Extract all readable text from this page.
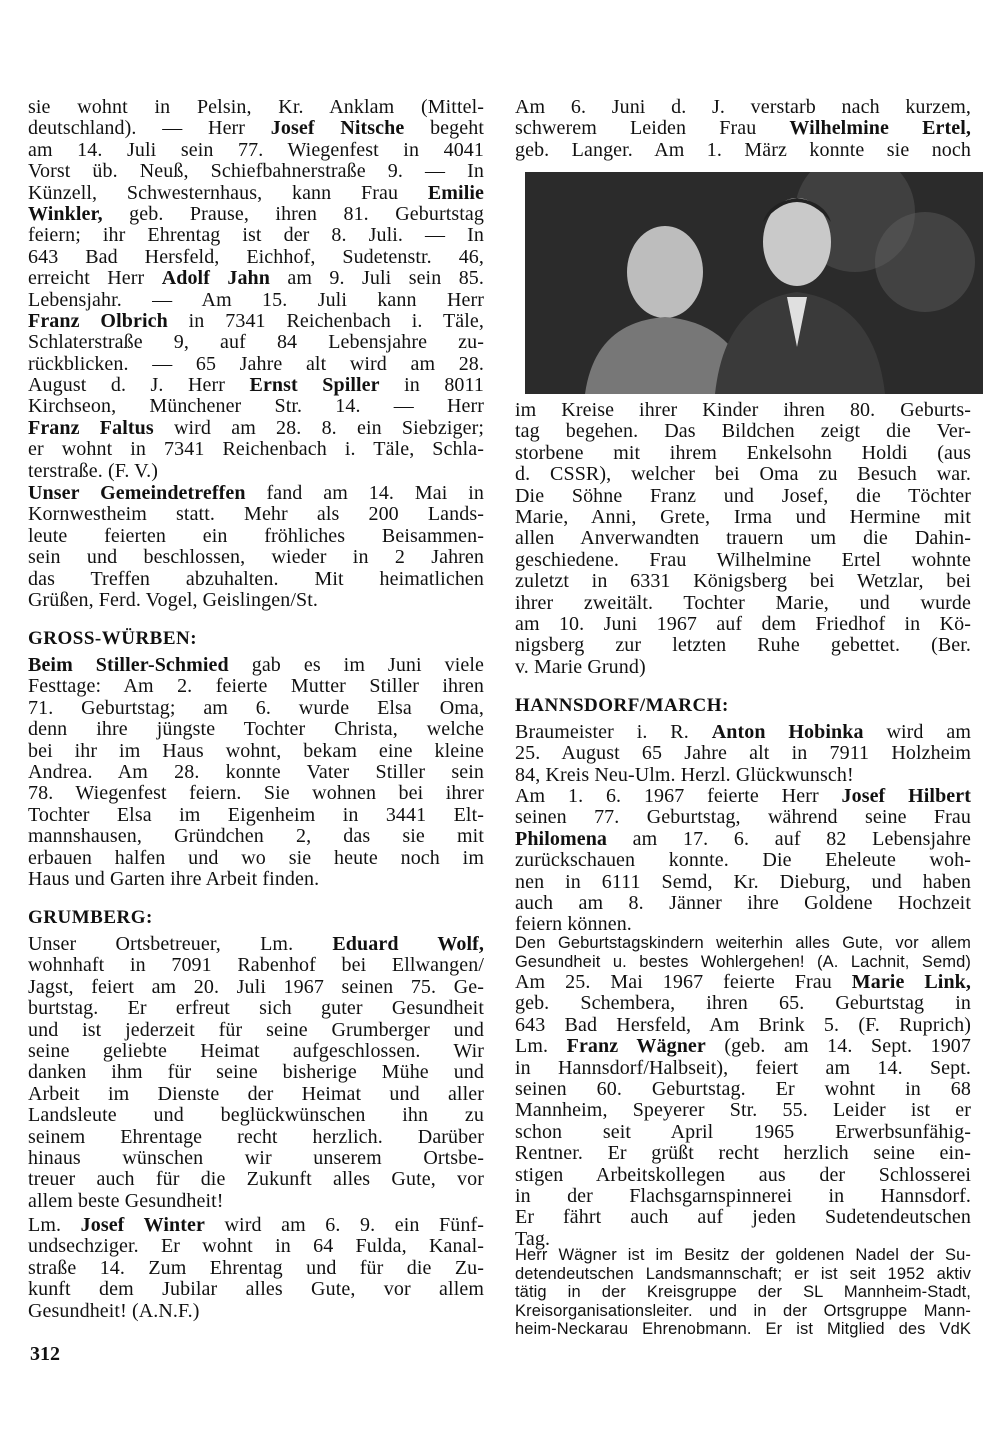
sie wohnt in Pelsin, Kr. Anklam (Mittel-
deutschland). — Herr Josef Nitsche begeht
am 14. Juli sein 77. Wiegenfest in 4041
Vorst üb. Neuß, Schiefbahnerstraße 9. — In
Künzell, Schwesternhaus, kann Frau Emilie
Winkler, geb. Prause, ihren 81. Geburtstag
feiern; ihr Ehrentag ist der 8. Juli. — In
643 Bad Hersfeld, Eichhof, Sudetenstr. 46,
erreicht Herr Adolf Jahn am 9. Juli sein 85.
Lebensjahr. — Am 15. Juli kann Herr
Franz Olbrich in 7341 Reichenbach i. Täle,
Schlaterstraße 9, auf 84 Lebensjahre zu-
rückblicken. — 65 Jahre alt wird am 28.
August d. J. Herr Ernst Spiller in 8011
Kirchseon, Münchener Str. 14. — Herr
Franz Faltus wird am 28. 8. ein Siebziger;
er wohnt in 7341 Reichenbach i. Täle, Schla-
terstraße. (F. V.)
Unser Gemeindetreffen fand am 14. Mai in
Kornwestheim statt. Mehr als 200 Lands-
leute feierten ein fröhliches Beisammen-
sein und beschlossen, wieder in 2 Jahren
das Treffen abzuhalten. Mit heimatlichen
Grüßen, Ferd. Vogel, Geislingen/St.
GROSS-WÜRBEN:
Beim Stiller-Schmied gab es im Juni viele
Festtage: Am 2. feierte Mutter Stiller ihren
71. Geburtstag; am 6. wurde Elsa Oma,
denn ihre jüngste Tochter Christa, welche
bei ihr im Haus wohnt, bekam eine kleine
Andrea. Am 28. konnte Vater Stiller sein
78. Wiegenfest feiern. Sie wohnen bei ihrer
Tochter Elsa im Eigenheim in 3441 Elt-
mannshausen, Gründchen 2, das sie mit
erbauen halfen und wo sie heute noch im
Haus und Garten ihre Arbeit finden.
GRUMBERG:
Unser Ortsbetreuer, Lm. Eduard Wolf,
wohnhaft in 7091 Rabenhof bei Ellwangen/
Jagst, feiert am 20. Juli 1967 seinen 75. Ge-
burtstag. Er erfreut sich guter Gesundheit
und ist jederzeit für seine Grumberger und
seine geliebte Heimat aufgeschlossen. Wir
danken ihm für seine bisherige Mühe und
Arbeit im Dienste der Heimat und aller
Landsleute und beglückwünschen ihn zu
seinem Ehrentage recht herzlich. Darüber
hinaus wünschen wir unserem Ortsbe-
treuer auch für die Zukunft alles Gute, vor
allem beste Gesundheit!
Lm. Josef Winter wird am 6. 9. ein Fünf-
undsechziger. Er wohnt in 64 Fulda, Kanal-
straße 14. Zum Ehrentag und für die Zu-
kunft dem Jubilar alles Gute, vor allem
Gesundheit! (A.N.F.)
Am 6. Juni d. J. verstarb nach kurzem,
schwerem Leiden Frau Wilhelmine Ertel,
geb. Langer. Am 1. März konnte sie noch
im Kreise ihrer Kinder ihren 80. Geburts-
tag begehen. Das Bildchen zeigt die Ver-
storbene mit ihrem Enkelsohn Holdi (aus
d. CSSR), welcher bei Oma zu Besuch war.
Die Söhne Franz und Josef, die Töchter
Marie, Anni, Grete, Irma und Hermine mit
allen Anverwandten trauern um die Dahin-
geschiedene. Frau Wilhelmine Ertel wohnte
zuletzt in 6331 Königsberg bei Wetzlar, bei
ihrer zweitält. Tochter Marie, und wurde
am 10. Juni 1967 auf dem Friedhof in Kö-
nigsberg zur letzten Ruhe gebettet. (Ber.
v. Marie Grund)
HANNSDORF/MARCH:
Braumeister i. R. Anton Hobinka wird am
25. August 65 Jahre alt in 7911 Holzheim
84, Kreis Neu-Ulm. Herzl. Glückwunsch!
Am 1. 6. 1967 feierte Herr Josef Hilbert
seinen 77. Geburtstag, während seine Frau
Philomena am 17. 6. auf 82 Lebensjahre
zurückschauen konnte. Die Eheleute woh-
nen in 6111 Semd, Kr. Dieburg, und haben
auch am 8. Jänner ihre Goldene Hochzeit
feiern können.
Den Geburtstagskindern weiterhin alles Gute, vor allem
Gesundheit u. bestes Wohlergehen! (A. Lachnit, Semd)
Am 25. Mai 1967 feierte Frau Marie Link,
geb. Schembera, ihren 65. Geburtstag in
643 Bad Hersfeld, Am Brink 5. (F. Ruprich)
Lm. Franz Wägner (geb. am 14. Sept. 1907
in Hannsdorf/Halbseit), feiert am 14. Sept.
seinen 60. Geburtstag. Er wohnt in 68
Mannheim, Speyerer Str. 55. Leider ist er
schon seit April 1965 Erwerbsunfähig-
Rentner. Er grüßt recht herzlich seine ein-
stigen Arbeitskollegen aus der Schlosserei
in der Flachsgarnspinnerei in Hannsdorf.
Er fährt auch auf jeden Sudetendeutschen
Tag.
Herr Wägner ist im Besitz der goldenen Nadel der Su-
detendeutschen Landsmannschaft; er ist seit 1952 aktiv
tätig in der Kreisgruppe der SL Mannheim-Stadt,
Kreisorganisationsleiter. und in der Ortsgruppe Mann-
heim-Neckarau Ehrenobmann. Er ist Mitglied des VdK
312
